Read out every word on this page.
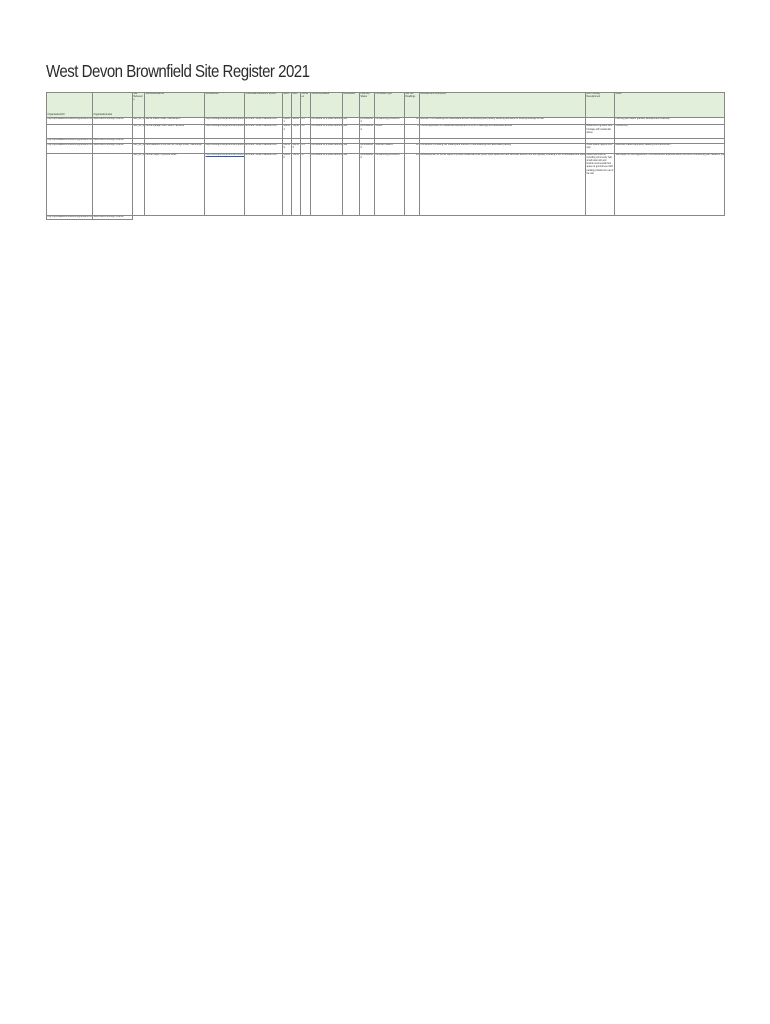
West Devon Brownfield Site Register 2021
OrganisationURI	OrganisationLabel	Site Reference	SiteNameAddress	GeoAreaURI	Coordinate Reference System	GeoX	GeoY	Hectares	OwnershipStatus	Deliverable	Planning Status	PermissionType	Min Net Dwellings	Development Description	Non Housing Development	Notes
http://opendatacommunities.org/id/district-co	West Devon Borough Council	WD_BF_1	Site at Station Road, Okehampton	https://www.gov.uk/government/public	ETRS89 / British National Grid	259031	94816	0.4	not owned by a public authority	yes	permissioned	full planning permission	10	Erection of 10 dwellings with associated access, landscaping and parking following demolition of existing buildings on site		Planning permission granted, development underway
		WD_BF_2	Former garage, Fore Street, Tavistock	https://www.gov.uk/government/public	ETRS89 / British National Grid	248134	74430	0.2	not owned by a public authority	yes	permissioned	outline	6	Outline application for residential development of up to 6 dwellings with associated access	Retail unit to ground floor frontage with residential above	Outline only
http://opendatacommunities.org/id/district-co	West Devon Borough Council															
http://opendatacommunities.org/id/district-co	West Devon Borough Council	WD_BF_3	Land adjacent to the old mill, Bridge Street, Hatherleigh	https://www.gov.uk/government/public	ETRS89 / British National Grid	254119	104523	0.3	not owned by a public authority	yes	permissioned	reserved matters	12	Conversion of existing mill building and erection of new dwellings with associated parking	Office space, approx 200 sqm	Reserved matters approved, awaiting commencement
		WD_BF_4	Former depot, Plymouth Road	https://www.gov.uk/government/public	ETRS89 / British National Grid	248510	73212	0.7	not owned by a public authority	yes	permissioned	full planning permission	24	Redevelopment of former depot to provide residential units, public open space and new vehicular access from the highway, including a mix of affordable and mark	Mixed use scheme including community hall, small retail unit and flexible commercial floor space at ground level with parking provided to rear of the site	Site subject to s106 agreement. Commencement expected within the current monitoring year; details of pha
http://opendatacommunities.org/id/district-co	West Devon Borough Council															
